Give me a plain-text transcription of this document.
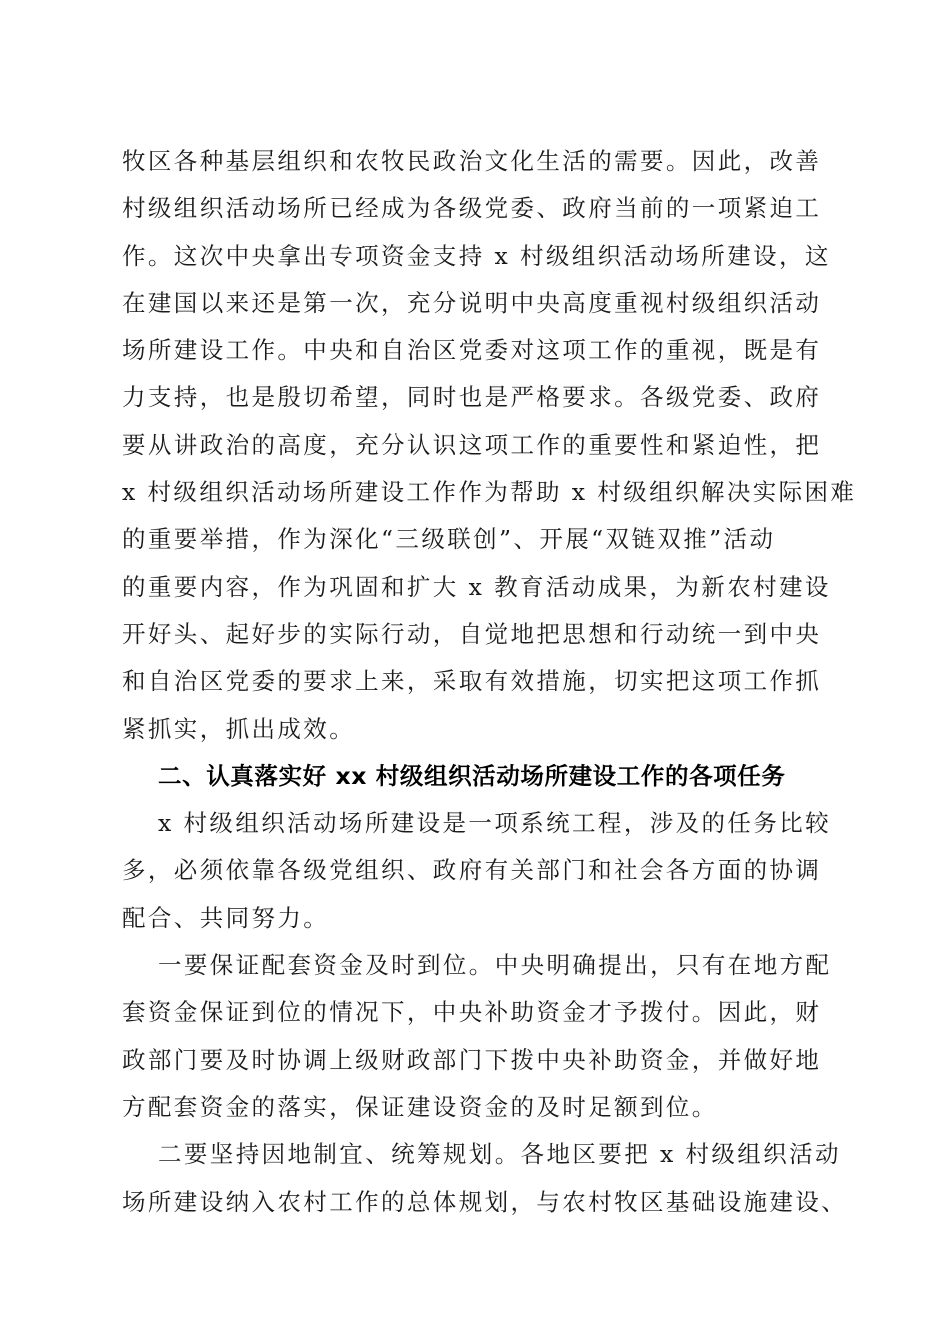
牧区各种基层组织和农牧民政治文化生活的需要。因此，改善
村级组织活动场所已经成为各级党委、政府当前的一项紧迫工
作。这次中央拿出专项资金支持 x 村级组织活动场所建设，这
在建国以来还是第一次，充分说明中央高度重视村级组织活动
场所建设工作。中央和自治区党委对这项工作的重视，既是有
力支持，也是殷切希望，同时也是严格要求。各级党委、政府
要从讲政治的高度，充分认识这项工作的重要性和紧迫性，把
x 村级组织活动场所建设工作作为帮助 x 村级组织解决实际困难
的重要举措，作为深化“三级联创”、开展“双链双推”活动
的重要内容，作为巩固和扩大 x 教育活动成果，为新农村建设
开好头、起好步的实际行动，自觉地把思想和行动统一到中央
和自治区党委的要求上来，采取有效措施，切实把这项工作抓
紧抓实，抓出成效。
二、认真落实好 xx 村级组织活动场所建设工作的各项任务
x 村级组织活动场所建设是一项系统工程，涉及的任务比较
多，必须依靠各级党组织、政府有关部门和社会各方面的协调
配合、共同努力。
一要保证配套资金及时到位。中央明确提出，只有在地方配
套资金保证到位的情况下，中央补助资金才予拨付。因此，财
政部门要及时协调上级财政部门下拨中央补助资金，并做好地
方配套资金的落实，保证建设资金的及时足额到位。
二要坚持因地制宜、统筹规划。各地区要把 x 村级组织活动
场所建设纳入农村工作的总体规划，与农村牧区基础设施建设、
